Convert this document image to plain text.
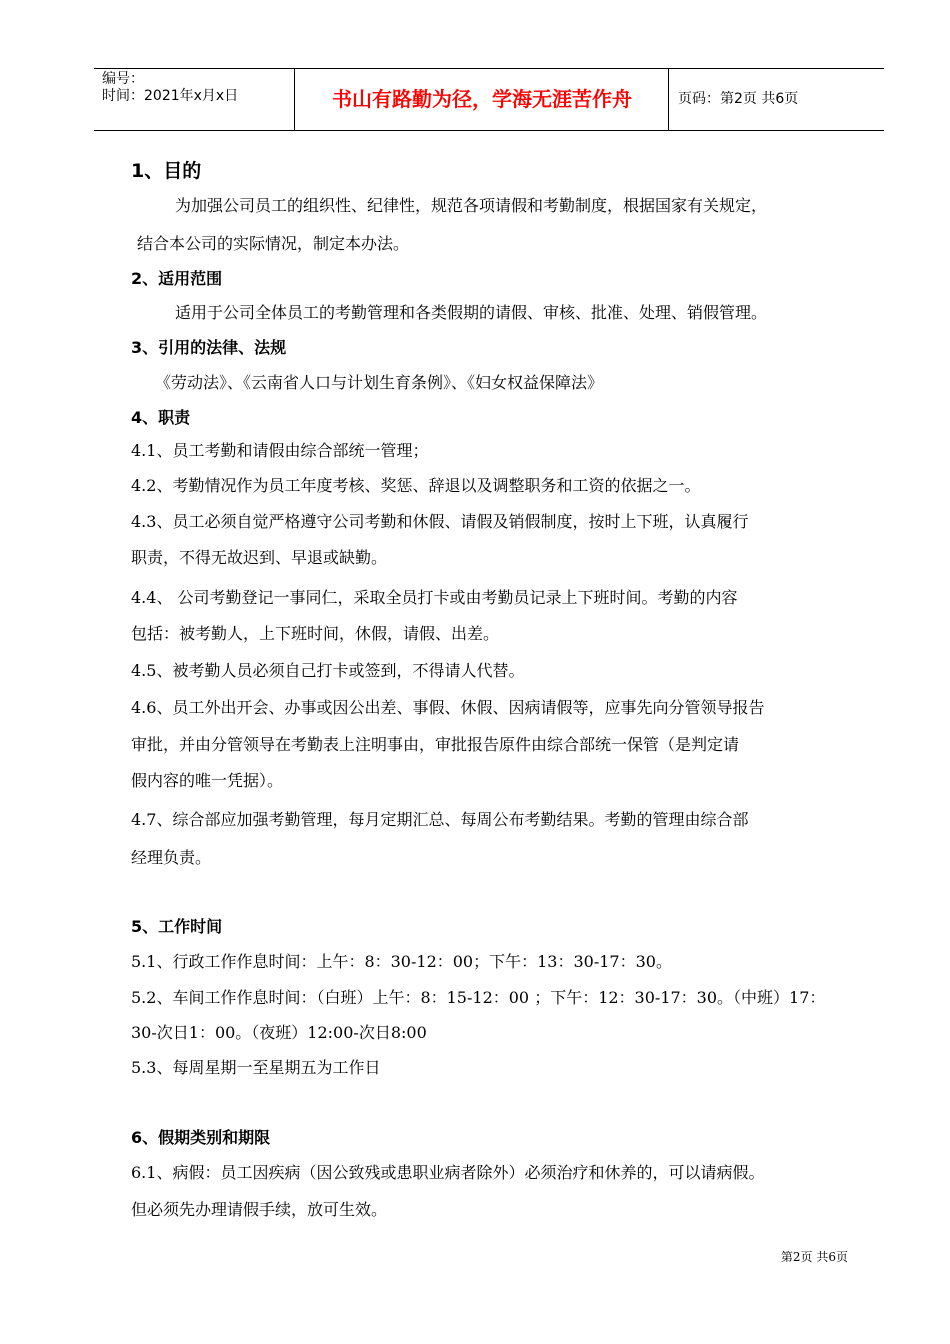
编号：
时间：2021年x月x日	书山有路勤为径，学海无涯苦作舟	页码：第2页 共6页
1、目的
为加强公司员工的组织性、纪律性，规范各项请假和考勤制度，根据国家有关规定，
结合本公司的实际情况，制定本办法。
2、适用范围
适用于公司全体员工的考勤管理和各类假期的请假、审核、批准、处理、销假管理。
3、引用的法律、法规
《劳动法》、《云南省人口与计划生育条例》、《妇女权益保障法》
4、职责
4.1、员工考勤和请假由综合部统一管理；
4.2、考勤情况作为员工年度考核、奖惩、辞退以及调整职务和工资的依据之一。
4.3、员工必须自觉严格遵守公司考勤和休假、请假及销假制度，按时上下班，认真履行
职责，不得无故迟到、早退或缺勤。
4.4、 公司考勤登记一事同仁，采取全员打卡或由考勤员记录上下班时间。考勤的内容
包括：被考勤人，上下班时间，休假，请假、出差。
4.5、被考勤人员必须自己打卡或签到，不得请人代替。
4.6、员工外出开会、办事或因公出差、事假、休假、因病请假等，应事先向分管领导报告
审批，并由分管领导在考勤表上注明事由，审批报告原件由综合部统一保管（是判定请
假内容的唯一凭据）。
4.7、综合部应加强考勤管理，每月定期汇总、每周公布考勤结果。考勤的管理由综合部
经理负责。
5、工作时间
5.1、行政工作作息时间：上午：8：30-12：00；下午：13：30-17：30。
5.2、车间工作作息时间：（白班）上午：8：15-12：00 ；下午：12：30-17：30。（中班）17：
30-次日1：00。（夜班）12:00-次日8:00
5.3、每周星期一至星期五为工作日
6、假期类别和期限
6.1、病假：员工因疾病（因公致残或患职业病者除外）必须治疗和休养的，可以请病假。
但必须先办理请假手续，放可生效。
第2页 共6页
